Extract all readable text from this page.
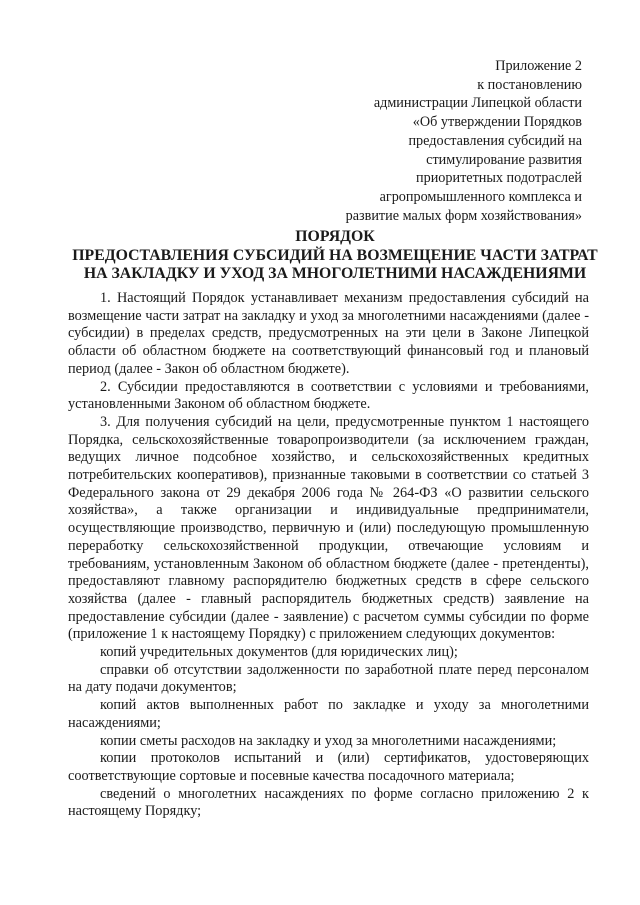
Приложение 2
к постановлению
администрации Липецкой области
«Об утверждении Порядков
предоставления субсидий на
стимулирование развития
приоритетных подотраслей
агропромышленного комплекса и
развитие малых форм хозяйствования»
ПОРЯДОК
ПРЕДОСТАВЛЕНИЯ СУБСИДИЙ НА ВОЗМЕЩЕНИЕ ЧАСТИ ЗАТРАТ
НА ЗАКЛАДКУ И УХОД ЗА МНОГОЛЕТНИМИ НАСАЖДЕНИЯМИ

1. Настоящий Порядок устанавливает механизм предоставления субсидий на возмещение части затрат на закладку и уход за многолетними насаждениями (далее - субсидии) в пределах средств, предусмотренных на эти цели в Законе Липецкой области об областном бюджете на соответствующий финансовый год и плановый период (далее - Закон об областном бюджете).

2. Субсидии предоставляются в соответствии с условиями и требованиями, установленными Законом об областном бюджете.

3. Для получения субсидий на цели, предусмотренные пунктом 1 настоящего Порядка, сельскохозяйственные товаропроизводители (за исключением граждан, ведущих личное подсобное хозяйство, и сельскохозяйственных кредитных потребительских кооперативов), признанные таковыми в соответствии со статьей 3 Федерального закона от 29 декабря 2006 года № 264-ФЗ «О развитии сельского хозяйства», а также организации и индивидуальные предприниматели, осуществляющие производство, первичную и (или) последующую промышленную переработку сельскохозяйственной продукции, отвечающие условиям и требованиям, установленным Законом об областном бюджете (далее - претенденты), предоставляют главному распорядителю бюджетных средств в сфере сельского хозяйства (далее - главный распорядитель бюджетных средств) заявление на предоставление субсидии (далее - заявление) с расчетом суммы субсидии по форме (приложение 1 к настоящему Порядку) с приложением следующих документов:

копий учредительных документов (для юридических лиц);

справки об отсутствии задолженности по заработной плате перед персоналом на дату подачи документов;

копий актов выполненных работ по закладке и уходу за многолетними насаждениями;

копии сметы расходов на закладку и уход за многолетними насаждениями;

копии протоколов испытаний и (или) сертификатов, удостоверяющих соответствующие сортовые и посевные качества посадочного материала;

сведений о многолетних насаждениях по форме согласно приложению 2 к настоящему Порядку;
